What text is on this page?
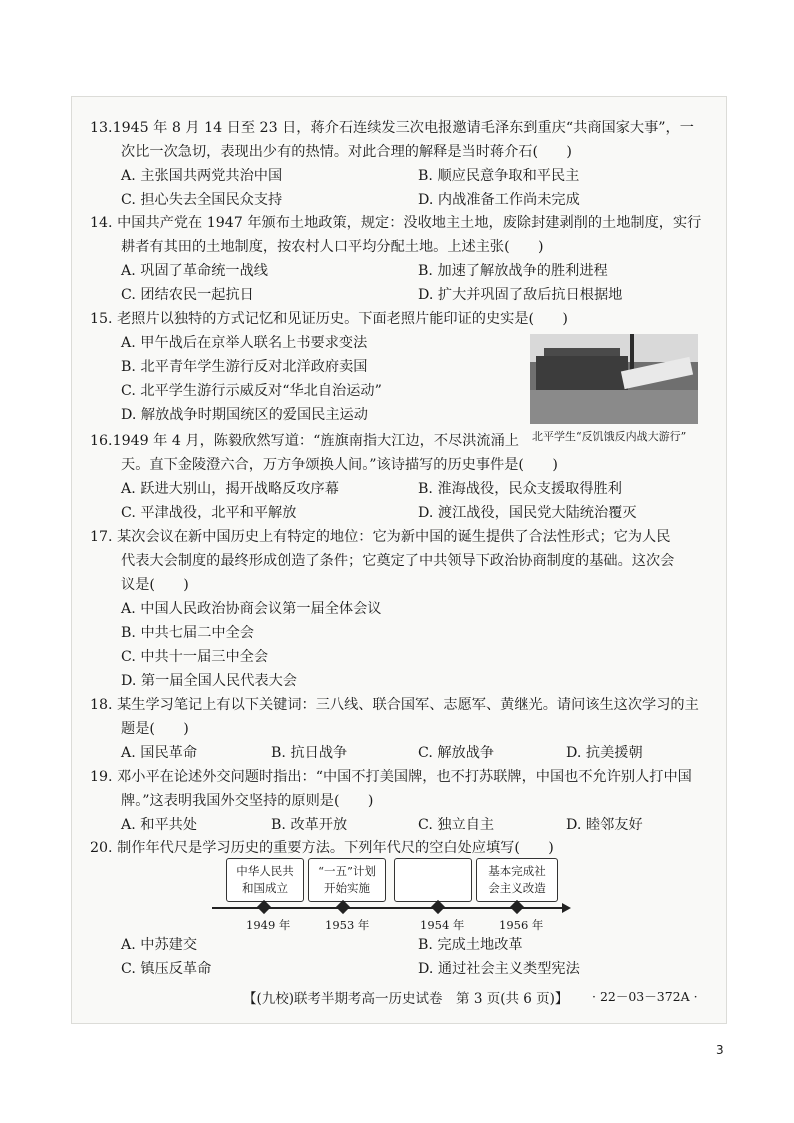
13.1945 年 8 月 14 日至 23 日，蒋介石连续发三次电报邀请毛泽东到重庆“共商国家大事”，一
次比一次急切，表现出少有的热情。对此合理的解释是当时蒋介石(　　)
A. 主张国共两党共治中国	B. 顺应民意争取和平民主
C. 担心失去全国民众支持	D. 内战准备工作尚未完成
14. 中国共产党在 1947 年颁布土地政策，规定：没收地主土地，废除封建剥削的土地制度，实行
耕者有其田的土地制度，按农村人口平均分配土地。上述主张(　　)
A. 巩固了革命统一战线	B. 加速了解放战争的胜利进程
C. 团结农民一起抗日	D. 扩大并巩固了敌后抗日根据地
15. 老照片以独特的方式记忆和见证历史。下面老照片能印证的史实是(　　)
A. 甲午战后在京举人联名上书要求变法
B. 北平青年学生游行反对北洋政府卖国
C. 北平学生游行示威反对“华北自治运动”
D. 解放战争时期国统区的爱国民主运动
北平学生“反饥饿反内战大游行”
16.1949 年 4 月，陈毅欣然写道：“旌旗南指大江边，不尽洪流涌上
天。直下金陵澄六合，万方争颂换人间。”该诗描写的历史事件是(　　)
A. 跃进大别山，揭开战略反攻序幕	B. 淮海战役，民众支援取得胜利
C. 平津战役，北平和平解放	D. 渡江战役，国民党大陆统治覆灭
17. 某次会议在新中国历史上有特定的地位：它为新中国的诞生提供了合法性形式；它为人民
代表大会制度的最终形成创造了条件；它奠定了中共领导下政治协商制度的基础。这次会
议是(　　)
A. 中国人民政治协商会议第一届全体会议
B. 中共七届二中全会
C. 中共十一届三中全会
D. 第一届全国人民代表大会
18. 某生学习笔记上有以下关键词：三八线、联合国军、志愿军、黄继光。请问该生这次学习的主
题是(　　)
A. 国民革命	B. 抗日战争	C. 解放战争	D. 抗美援朝
19. 邓小平在论述外交问题时指出：“中国不打美国牌，也不打苏联牌，中国也不允许别人打中国
牌。”这表明我国外交坚持的原则是(　　)
A. 和平共处	B. 改革开放	C. 独立自主	D. 睦邻友好
20. 制作年代尺是学习历史的重要方法。下列年代尺的空白处应填写(　　)
中华人民共
和国成立
“一五”计划
开始实施
基本完成社
会主义改造
1949 年	1953 年	1954 年	1956 年
A. 中苏建交	B. 完成土地改革
C. 镇压反革命	D. 通过社会主义类型宪法
【(九校)联考半期考高一历史试卷　第 3 页(共 6 页)】 · 22－03－372A ·
3
